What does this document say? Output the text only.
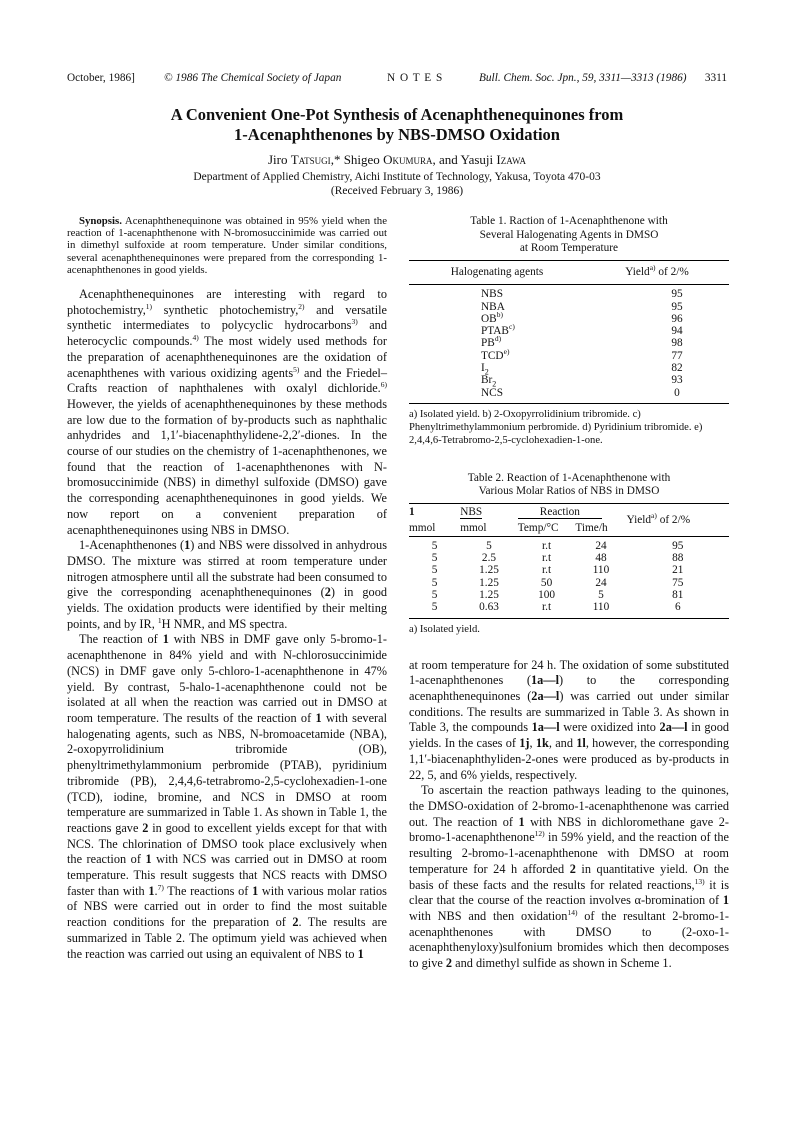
October, 1986]	© 1986 The Chemical Society of Japan	N O T E S	Bull. Chem. Soc. Jpn., 59, 3311—3313 (1986) 3311
A Convenient One-Pot Synthesis of Acenaphthenequinones from
1-Acenaphthenones by NBS-DMSO Oxidation
Jiro Tatsugi,* Shigeo Okumura, and Yasuji Izawa
Department of Applied Chemistry, Aichi Institute of Technology, Yakusa, Toyota 470-03
(Received February 3, 1986)

Synopsis. Acenaphthenequinone was obtained in 95% yield when the reaction of 1-acenaphthenone with N-bromosuccinimide was carried out in dimethyl sulfoxide at room temperature. Under similar conditions, several acenaphthenequinones were prepared from the corresponding 1-acenaphthenones in good yields.

Acenaphthenequinones are interesting with regard to photochemistry,$^{1)}$ synthetic photochemistry,$^{2)}$ and versatile synthetic intermediates to polycyclic hydrocarbons$^{3)}$ and heterocyclic compounds.$^{4)}$ The most widely used methods for the preparation of acenaphthenequinones are the oxidation of acenaphthenes with various oxidizing agents$^{5)}$ and the Friedel–Crafts reaction of naphthalenes with oxalyl dichloride.$^{6)}$ However, the yields of acenaphthenequinones by these methods are low due to the formation of by-products such as naphthalic anhydrides and 1,1′-biacenaphthylidene-2,2′-diones. In the course of our studies on the chemistry of 1-acenaphthenones, we found that the reaction of 1-acenaphthenones with N-bromosuccinimide (NBS) in dimethyl sulfoxide (DMSO) gave the corresponding acenaphthenequinones in good yields. We now report on a convenient preparation of acenaphthenequinones using NBS in DMSO.

1-Acenaphthenones (1) and NBS were dissolved in anhydrous DMSO. The mixture was stirred at room temperature under nitrogen atmosphere until all the substrate had been consumed to give the corresponding acenaphthenequinones (2) in good yields. The oxidation products were identified by their melting points, and by IR, $^1$H NMR, and MS spectra.

The reaction of 1 with NBS in DMF gave only 5-bromo-1-acenaphthenone in 84% yield and with N-chlorosuccinimide (NCS) in DMF gave only 5-chloro-1-acenaphthenone in 47% yield. By contrast, 5-halo-1-acenaphthenone could not be isolated at all when the reaction was carried out in DMSO at room temperature. The results of the reaction of 1 with several halogenating agents, such as NBS, N-bromoacetamide (NBA), 2-oxopyrrolidinium tribromide (OB), phenyltrimethylammonium perbromide (PTAB), pyridinium tribromide (PB), 2,4,4,6-tetrabromo-2,5-cyclohexadien-1-one (TCD), iodine, bromine, and NCS in DMSO at room temperature are summarized in Table 1. As shown in Table 1, the reactions gave 2 in good to excellent yields except for that with NCS. The chlorination of DMSO took place exclusively when the reaction of 1 with NCS was carried out in DMSO at room temperature. This result suggests that NCS reacts with DMSO faster than with 1.$^{7)}$ The reactions of 1 with various molar ratios of NBS were carried out in order to find the most suitable reaction conditions for the preparation of 2. The results are summarized in Table 2. The optimum yield was achieved when the reaction was carried out using an equivalent of NBS to 1

Table 1. Raction of 1-Acenaphthenone with
Several Halogenating Agents in DMSO
at Room Temperature

Halogenating agents	Yield$^{a)}$ of 2/%
NBS	95
NBA	95
OB$^{b)}$	96
PTAB$^{c)}$	94
PB$^{d)}$	98
TCD$^{e)}$	77
$I_2$	82
$Br_2$	93
NCS	0

a) Isolated yield. b) 2-Oxopyrrolidinium tribromide. c) Phenyltrimethylammonium perbromide. d) Pyridinium tribromide. e) 2,4,4,6-Tetrabromo-2,5-cyclohexadien-1-one.

Table 2. Reaction of 1-Acenaphthenone with
Various Molar Ratios of NBS in DMSO

1	NBS	Reaction		Yield$^{a)}$ of 2/%
mmol	mmol	Temp/°C	Time/h	
5	5	r.t	24	95
5	2.5	r.t	48	88
5	1.25	r.t	110	21
5	1.25	50	24	75
5	1.25	100	5	81
5	0.63	r.t	110	6

a) Isolated yield.

at room temperature for 24 h. The oxidation of some substituted 1-acenaphthenones (1a—l) to the corresponding acenaphthenequinones (2a—l) was carried out under similar conditions. The results are summarized in Table 3. As shown in Table 3, the compounds 1a—l were oxidized into 2a—l in good yields. In the cases of 1j, 1k, and 1l, however, the corresponding 1,1′-biacenaphthyliden-2-ones were produced as by-products in 22, 5, and 6% yields, respectively.

To ascertain the reaction pathways leading to the quinones, the DMSO-oxidation of 2-bromo-1-acenaphthenone was carried out. The reaction of 1 with NBS in dichloromethane gave 2-bromo-1-acenaphthenone$^{12)}$ in 59% yield, and the reaction of the resulting 2-bromo-1-acenaphthenone with DMSO at room temperature for 24 h afforded 2 in quantitative yield. On the basis of these facts and the results for related reactions,$^{13)}$ it is clear that the course of the reaction involves α-bromination of 1 with NBS and then oxidation$^{14)}$ of the resultant 2-bromo-1-acenaphthenones with DMSO to (2-oxo-1-acenaphthenyloxy)sulfonium bromides which then decomposes to give 2 and dimethyl sulfide as shown in Scheme 1.
